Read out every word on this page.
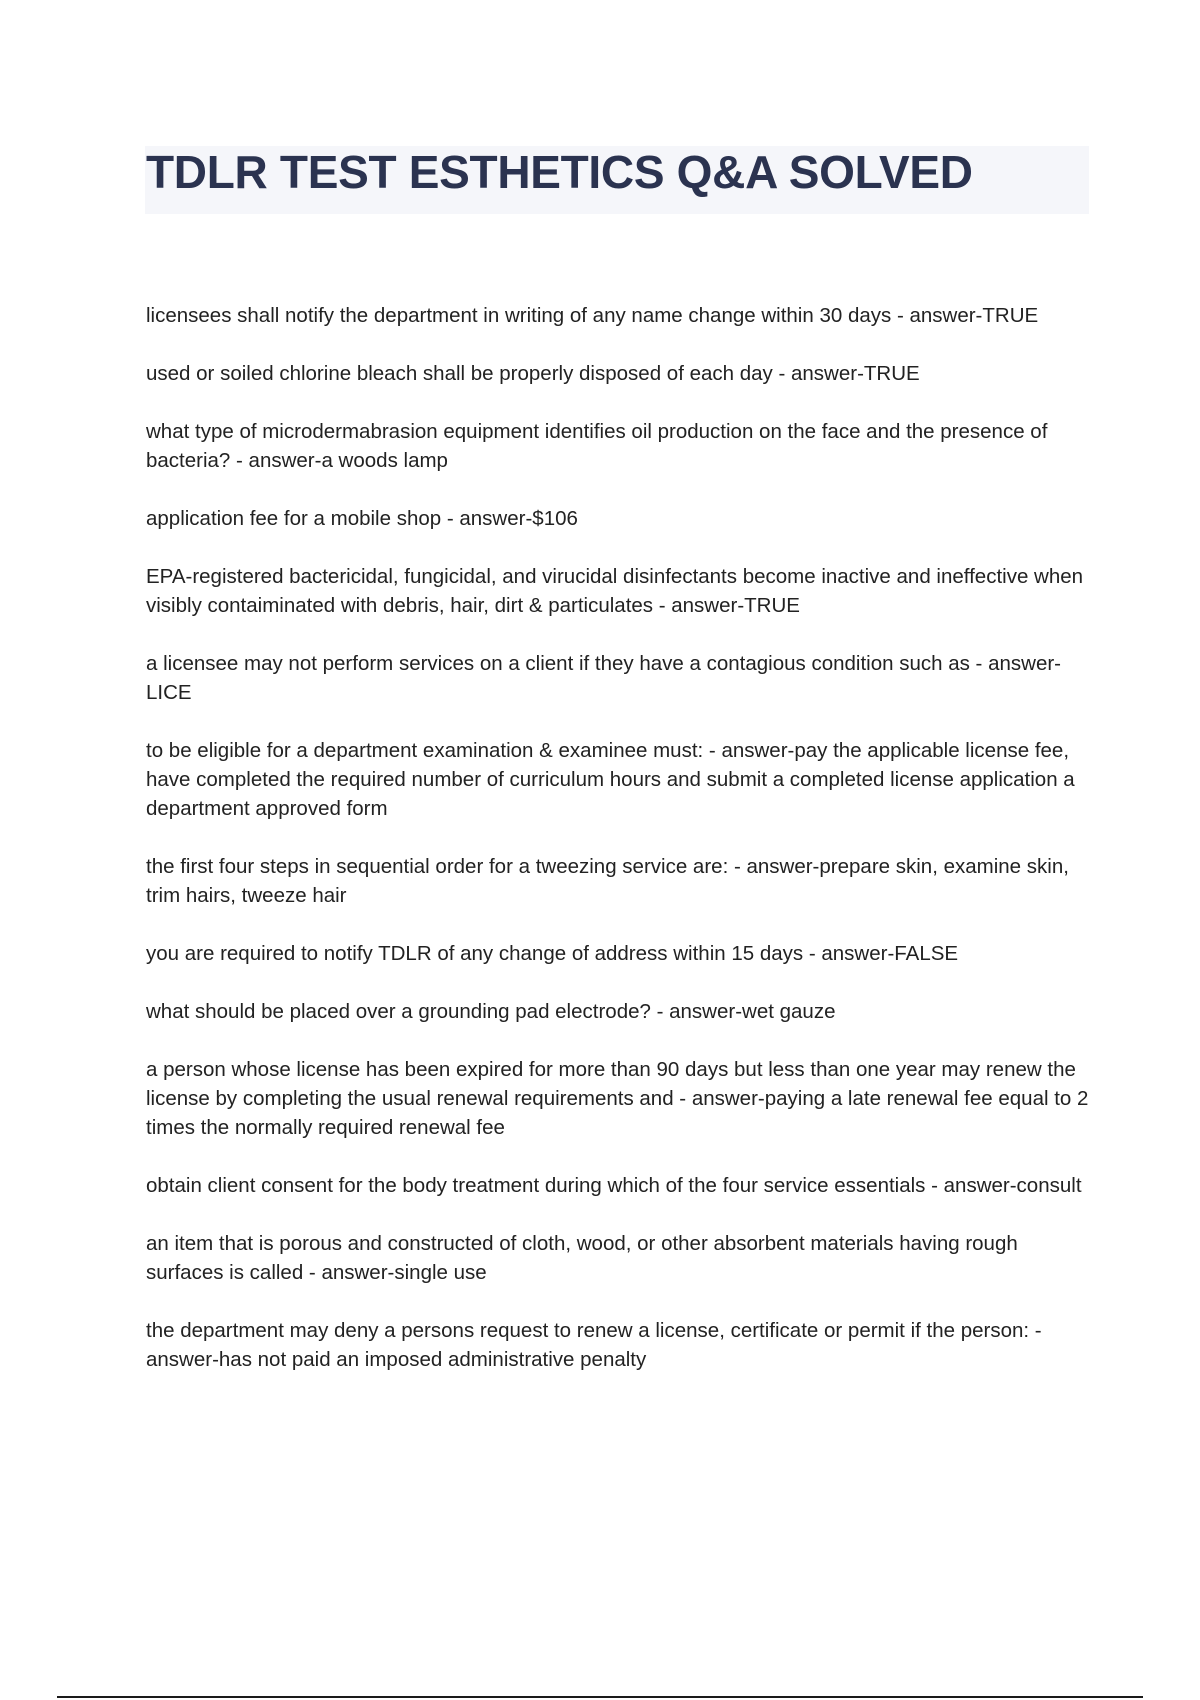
TDLR TEST ESTHETICS Q&A SOLVED
licensees shall notify the department in writing of any name change within 30 days - answer-TRUE
used or soiled chlorine bleach shall be properly disposed of each day - answer-TRUE
what type of microdermabrasion equipment identifies oil production on the face and the presence of bacteria? - answer-a woods lamp
application fee for a mobile shop - answer-$106
EPA-registered bactericidal, fungicidal, and virucidal disinfectants become inactive and ineffective when visibly contaiminated with debris, hair, dirt & particulates - answer-TRUE
a licensee may not perform services on a client if they have a contagious condition such as - answer-LICE
to be eligible for a department examination & examinee must: - answer-pay the applicable license fee, have completed the required number of curriculum hours and submit a completed license application a department approved form
the first four steps in sequential order for a tweezing service are: - answer-prepare skin, examine skin, trim hairs, tweeze hair
you are required to notify TDLR of any change of address within 15 days - answer-FALSE
what should be placed over a grounding pad electrode? - answer-wet gauze
a person whose license has been expired for more than 90 days but less than one year may renew the license by completing the usual renewal requirements and - answer-paying a late renewal fee equal to 2 times the normally required renewal fee
obtain client consent for the body treatment during which of the four service essentials - answer-consult
an item that is porous and constructed of cloth, wood, or other absorbent materials having rough surfaces is called - answer-single use
the department may deny a persons request to renew a license, certificate or permit if the person: - answer-has not paid an imposed administrative penalty
